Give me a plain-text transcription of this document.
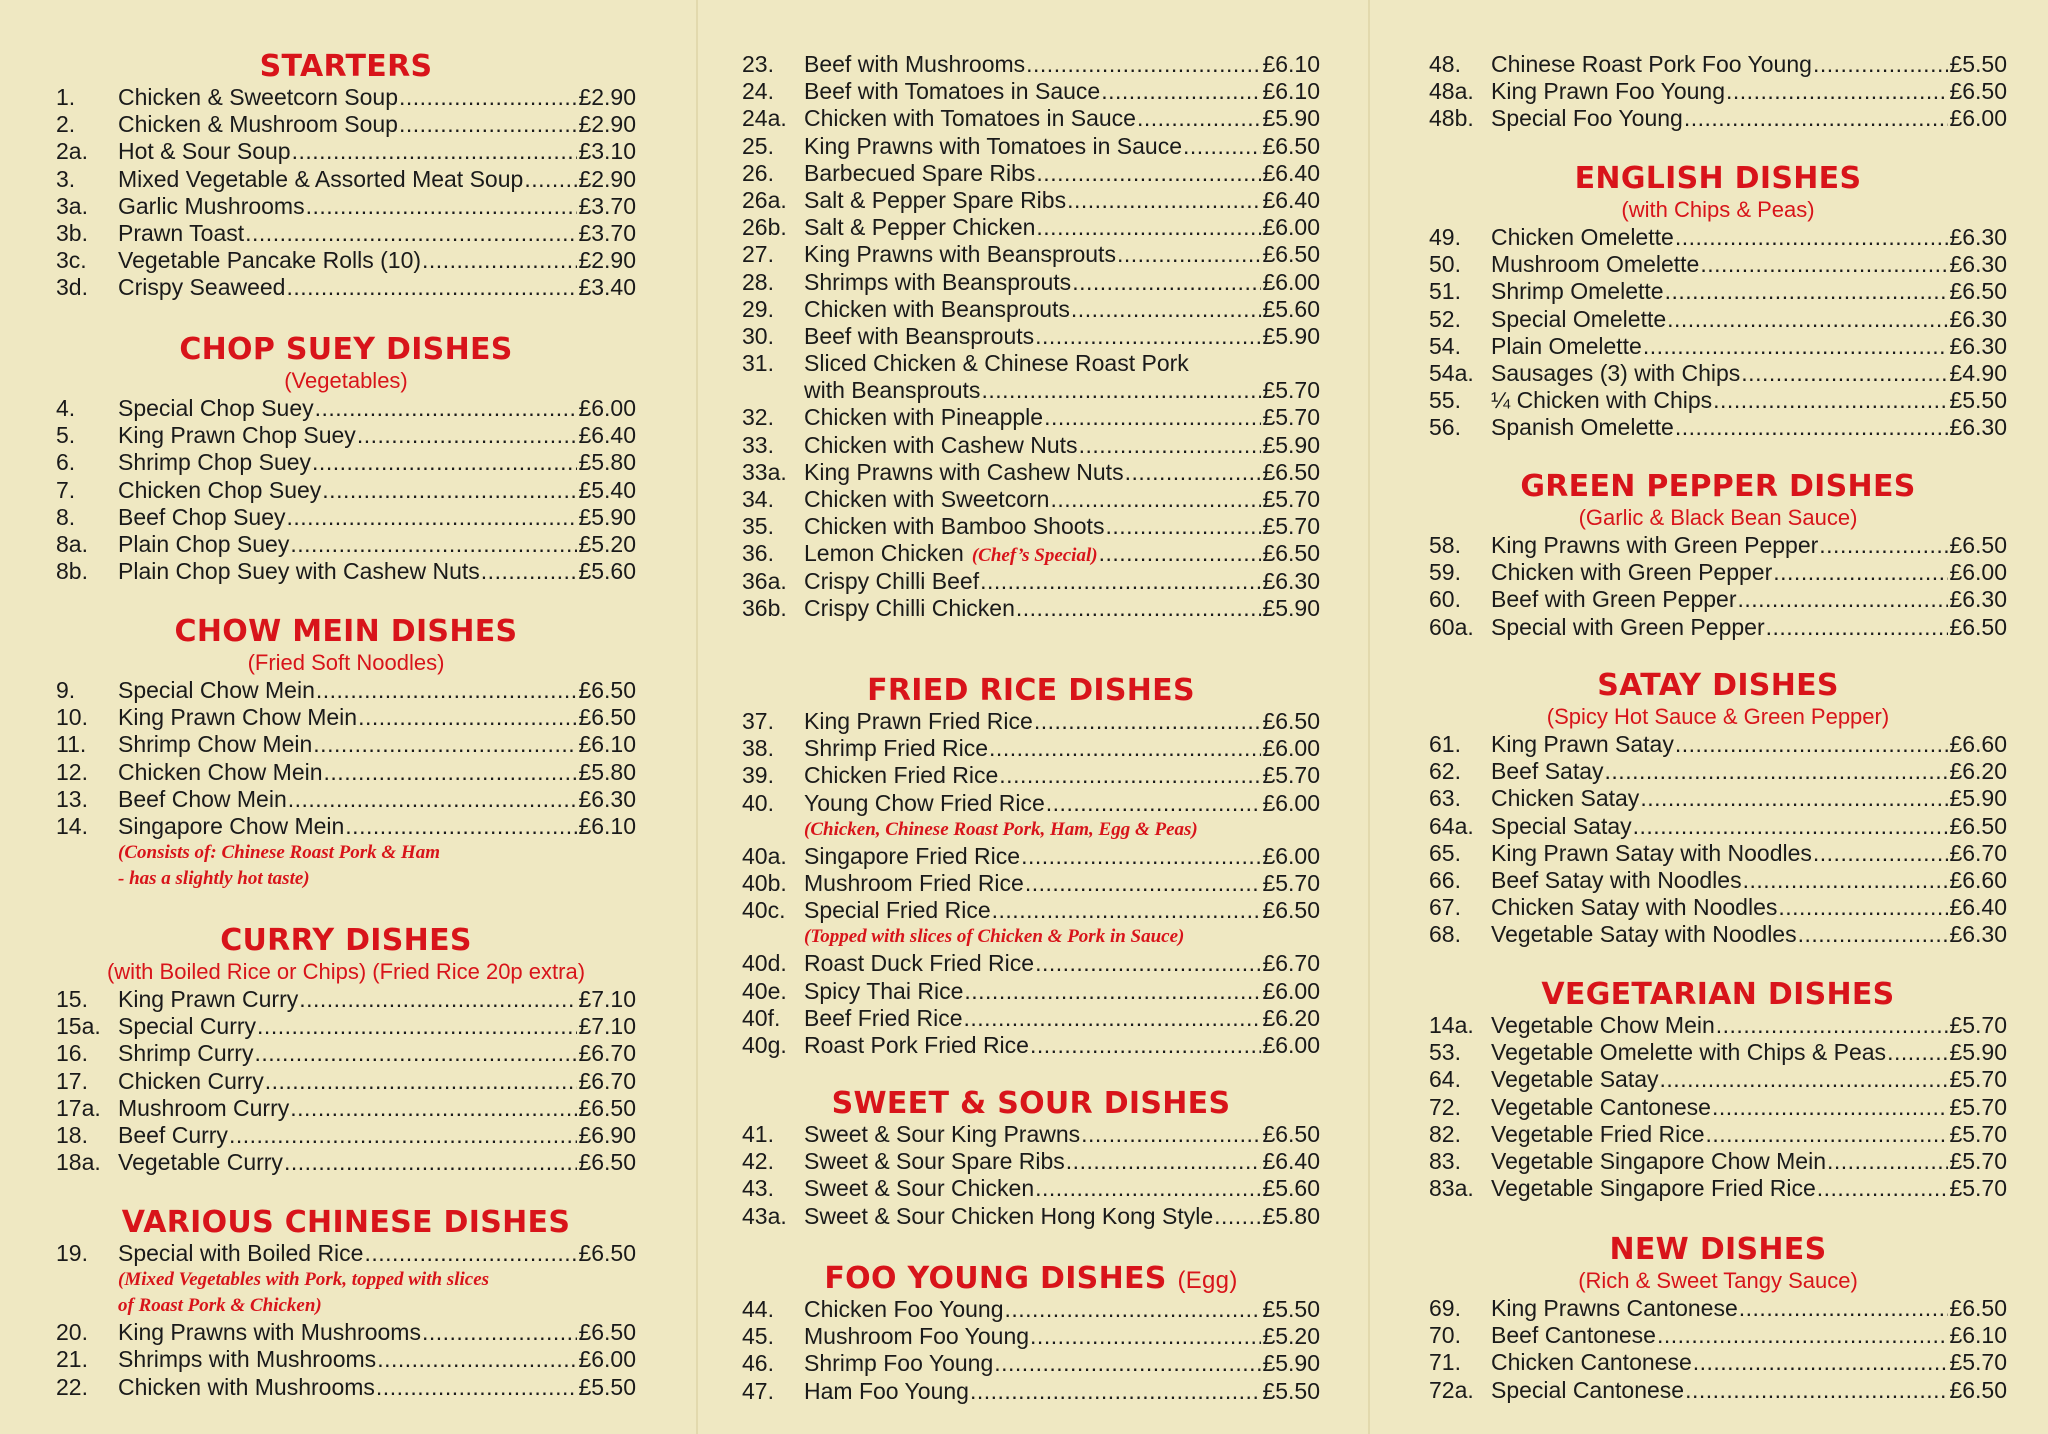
STARTERS
1.	Chicken & Sweetcorn Soup .....	£2.90
2.	Chicken & Mushroom Soup .....	£2.90
2a.	Hot & Sour Soup .....	£3.10
3.	Mixed Vegetable & Assorted Meat Soup ..... £2.90
3a.	Garlic Mushrooms .....	£3.70
3b.	Prawn Toast .....	£3.70
3c.	Vegetable Pancake Rolls (10) .....	£2.90
3d.	Crispy Seaweed .....	£3.40
CHOP SUEY DISHES
(Vegetables)
4.	Special Chop Suey .....	£6.00
5.	King Prawn Chop Suey .....	£6.40
6.	Shrimp Chop Suey .....	£5.80
7.	Chicken Chop Suey .....	£5.40
8.	Beef Chop Suey .....	£5.90
8a.	Plain Chop Suey .....	£5.20
8b.	Plain Chop Suey with Cashew Nuts .....	£5.60
CHOW MEIN DISHES
(Fried Soft Noodles)
9.	Special Chow Mein .....	£6.50
10.	King Prawn Chow Mein .....	£6.50
11.	Shrimp Chow Mein .....	£6.10
12.	Chicken Chow Mein .....	£5.80
13.	Beef Chow Mein .....	£6.30
14.	Singapore Chow Mein .....	£6.10
(Consists of: Chinese Roast Pork & Ham
- has a slightly hot taste)
CURRY DISHES
(with Boiled Rice or Chips) (Fried Rice 20p extra)
15.	King Prawn Curry .....	£7.10
15a. Special Curry .....	£7.10
16.	Shrimp Curry .....	£6.70
17.	Chicken Curry .....	£6.70
17a. Mushroom Curry .....	£6.50
18.	Beef Curry .....	£6.90
18a. Vegetable Curry .....	£6.50
VARIOUS CHINESE DISHES
19.	Special with Boiled Rice .....	£6.50
(Mixed Vegetables with Pork, topped with slices
of Roast Pork & Chicken)
20.	King Prawns with Mushrooms .....	£6.50
21.	Shrimps with Mushrooms .....	£6.00
22.	Chicken with Mushrooms .....	£5.50
23.	Beef with Mushrooms .....	£6.10
24.	Beef with Tomatoes in Sauce .....	£6.10
24a. Chicken with Tomatoes in Sauce .....	£5.90
25.	King Prawns with Tomatoes in Sauce .....	£6.50
26.	Barbecued Spare Ribs .....	£6.40
26a. Salt & Pepper Spare Ribs .....	£6.40
26b. Salt & Pepper Chicken .....	£6.00
27.	King Prawns with Beansprouts .....	£6.50
28.	Shrimps with Beansprouts .....	£6.00
29.	Chicken with Beansprouts .....	£5.60
30.	Beef with Beansprouts .....	£5.90
31.	Sliced Chicken & Chinese Roast Pork
with Beansprouts .....	£5.70
32.	Chicken with Pineapple .....	£5.70
33.	Chicken with Cashew Nuts .....	£5.90
33a. King Prawns with Cashew Nuts .....	£6.50
34.	Chicken with Sweetcorn .....	£5.70
35.	Chicken with Bamboo Shoots .....	£5.70
36.	Lemon Chicken (Chef’s Special) .....	£6.50
36a. Crispy Chilli Beef .....	£6.30
36b. Crispy Chilli Chicken .....	£5.90
FRIED RICE DISHES
37.	King Prawn Fried Rice .....	£6.50
38.	Shrimp Fried Rice .....	£6.00
39.	Chicken Fried Rice .....	£5.70
40.	Young Chow Fried Rice .....	£6.00
(Chicken, Chinese Roast Pork, Ham, Egg & Peas)
40a. Singapore Fried Rice .....	£6.00
40b. Mushroom Fried Rice .....	£5.70
40c. Special Fried Rice .....	£6.50
(Topped with slices of Chicken & Pork in Sauce)
40d. Roast Duck Fried Rice .....	£6.70
40e. Spicy Thai Rice .....	£6.00
40f.	Beef Fried Rice .....	£6.20
40g. Roast Pork Fried Rice .....	£6.00
SWEET & SOUR DISHES
41.	Sweet & Sour King Prawns .....	£6.50
42.	Sweet & Sour Spare Ribs .....	£6.40
43.	Sweet & Sour Chicken .....	£5.60
43a. Sweet & Sour Chicken Hong Kong Style ..... £5.80
FOO YOUNG DISHES (Egg)
44.	Chicken Foo Young .....	£5.50
45.	Mushroom Foo Young .....	£5.20
46.	Shrimp Foo Young .....	£5.90
47.	Ham Foo Young .....	£5.50
48.	Chinese Roast Pork Foo Young .....	£5.50
48a. King Prawn Foo Young .....	£6.50
48b. Special Foo Young .....	£6.00
ENGLISH DISHES
(with Chips & Peas)
49.	Chicken Omelette .....	£6.30
50.	Mushroom Omelette .....	£6.30
51.	Shrimp Omelette .....	£6.50
52.	Special Omelette .....	£6.30
54.	Plain Omelette .....	£6.30
54a. Sausages (3) with Chips .....	£4.90
55.	¼ Chicken with Chips .....	£5.50
56.	Spanish Omelette .....	£6.30
GREEN PEPPER DISHES
(Garlic & Black Bean Sauce)
58.	King Prawns with Green Pepper .....	£6.50
59.	Chicken with Green Pepper .....	£6.00
60.	Beef with Green Pepper .....	£6.30
60a. Special with Green Pepper .....	£6.50
SATAY DISHES
(Spicy Hot Sauce & Green Pepper)
61.	King Prawn Satay .....	£6.60
62.	Beef Satay .....	£6.20
63.	Chicken Satay .....	£5.90
64a. Special Satay .....	£6.50
65.	King Prawn Satay with Noodles .....	£6.70
66.	Beef Satay with Noodles .....	£6.60
67.	Chicken Satay with Noodles .....	£6.40
68.	Vegetable Satay with Noodles .....	£6.30
VEGETARIAN DISHES
14a. Vegetable Chow Mein .....	£5.70
53.	Vegetable Omelette with Chips & Peas .....	£5.90
64.	Vegetable Satay .....	£5.70
72.	Vegetable Cantonese .....	£5.70
82.	Vegetable Fried Rice .....	£5.70
83.	Vegetable Singapore Chow Mein .....	£5.70
83a. Vegetable Singapore Fried Rice .....	£5.70
NEW DISHES
(Rich & Sweet Tangy Sauce)
69.	King Prawns Cantonese .....	£6.50
70.	Beef Cantonese .....	£6.10
71.	Chicken Cantonese .....	£5.70
72a. Special Cantonese .....	£6.50
